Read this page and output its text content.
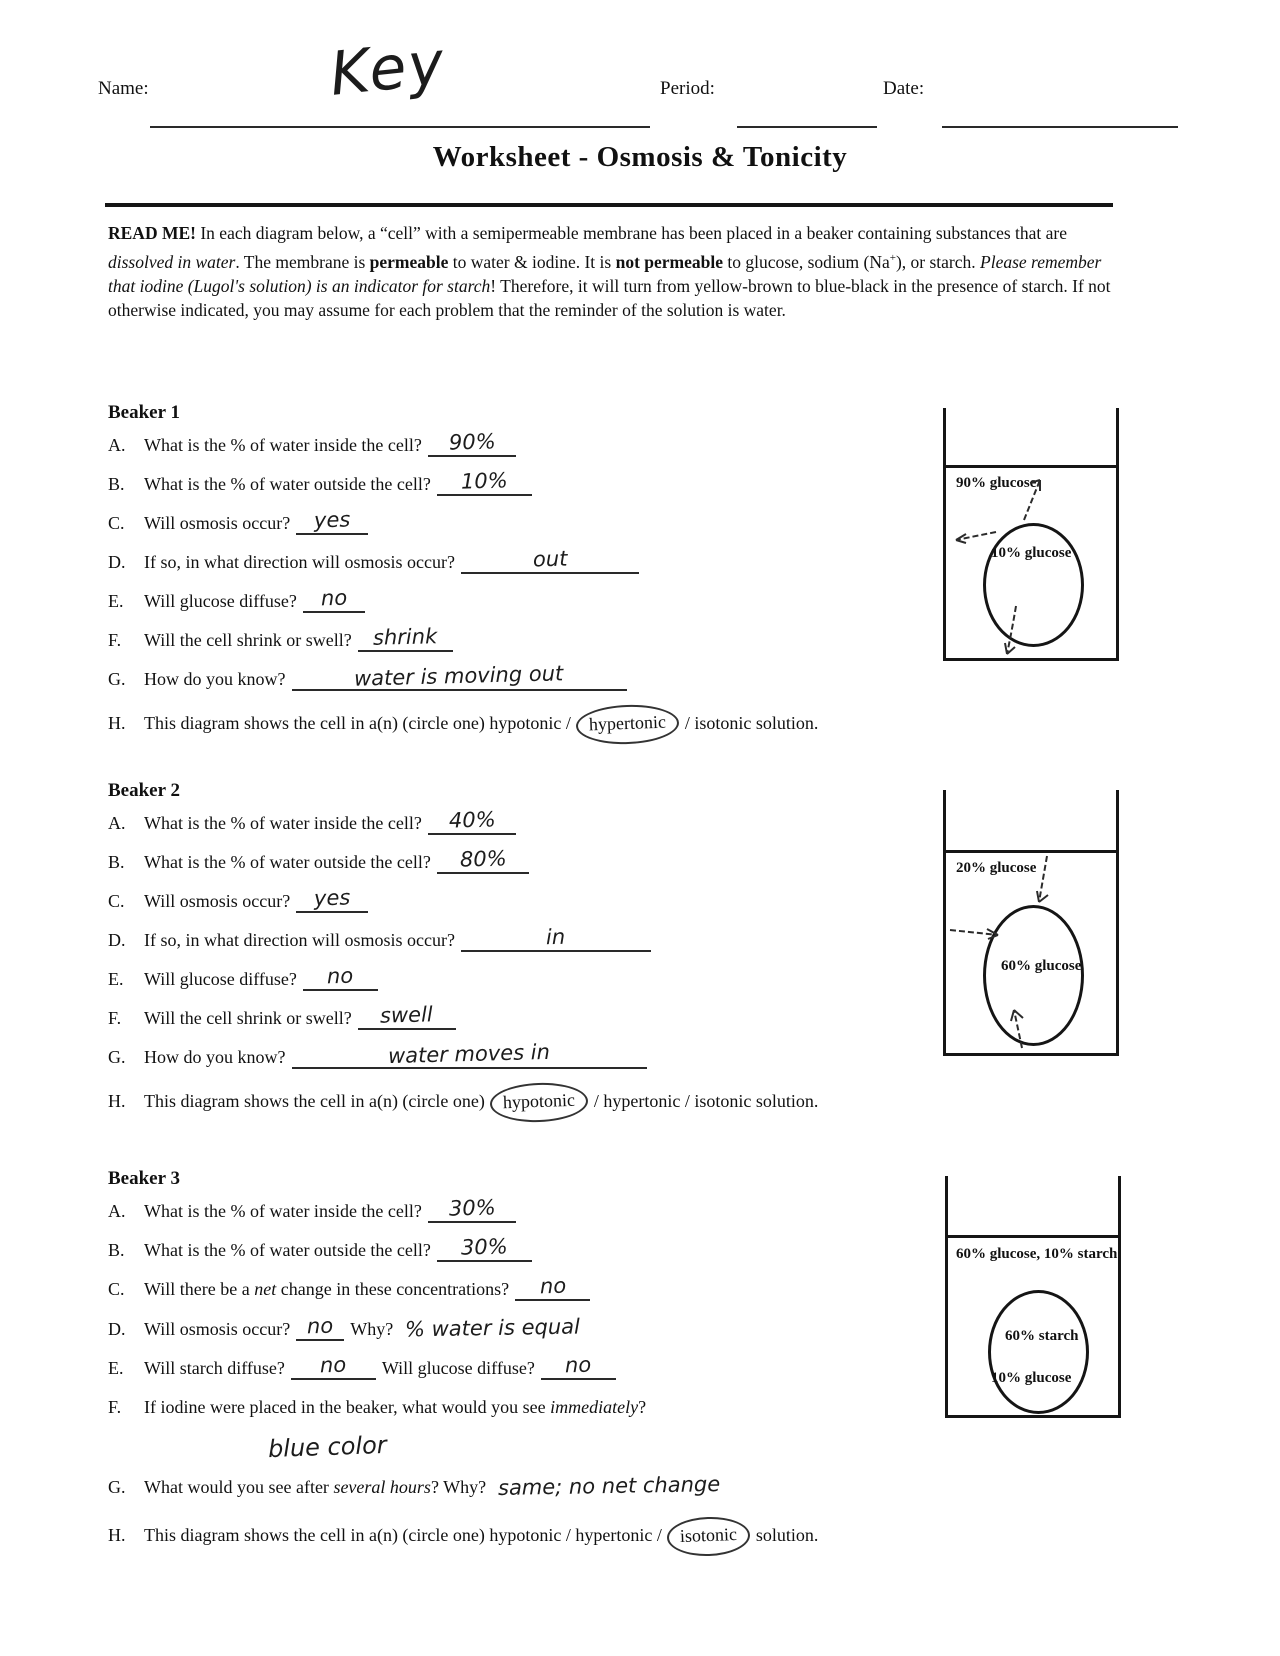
Name:	Key	Period:	Date:
Worksheet - Osmosis & Tonicity
READ ME! In each diagram below, a “cell” with a semipermeable membrane has been placed in a beaker containing substances that are dissolved in water. The membrane is permeable to water & iodine. It is not permeable to glucose, sodium (Na+), or starch. Please remember that iodine (Lugol's solution) is an indicator for starch! Therefore, it will turn from yellow-brown to blue-black in the presence of starch. If not otherwise indicated, you may assume for each problem that the reminder of the solution is water.
Beaker 1
A. What is the % of water inside the cell? 90%
B. What is the % of water outside the cell? 10%
C. Will osmosis occur? yes
D. If so, in what direction will osmosis occur?	out
E. Will glucose diffuse? no
F. Will the cell shrink or swell? shrink
G. How do you know?	water is moving out
H. This diagram shows the cell in a(n) (circle one) hypotonic / hypertonic / isotonic solution.
Beaker 2
A. What is the % of water inside the cell? 40%
B. What is the % of water outside the cell? 80%
C. Will osmosis occur? yes
D. If so, in what direction will osmosis occur?	in
E. Will glucose diffuse? no
F. Will the cell shrink or swell? swell
G. How do you know?	water moves in
H. This diagram shows the cell in a(n) (circle one) hypotonic / hypertonic / isotonic solution.
Beaker 3
A. What is the % of water inside the cell? 30%
B. What is the % of water outside the cell? 30%
C. Will there be a net change in these concentrations? no
D. Will osmosis occur? no Why? % water is equal
E. Will starch diffuse? no Will glucose diffuse? no
F. If iodine were placed in the beaker, what would you see immediately?
blue color
G. What would you see after several hours? Why? same; no net change
H. This diagram shows the cell in a(n) (circle one) hypotonic / hypertonic / isotonic solution.
90% glucose
10% glucose
20% glucose
60% glucose
60% glucose, 10% starch
60% starch
10% glucose
